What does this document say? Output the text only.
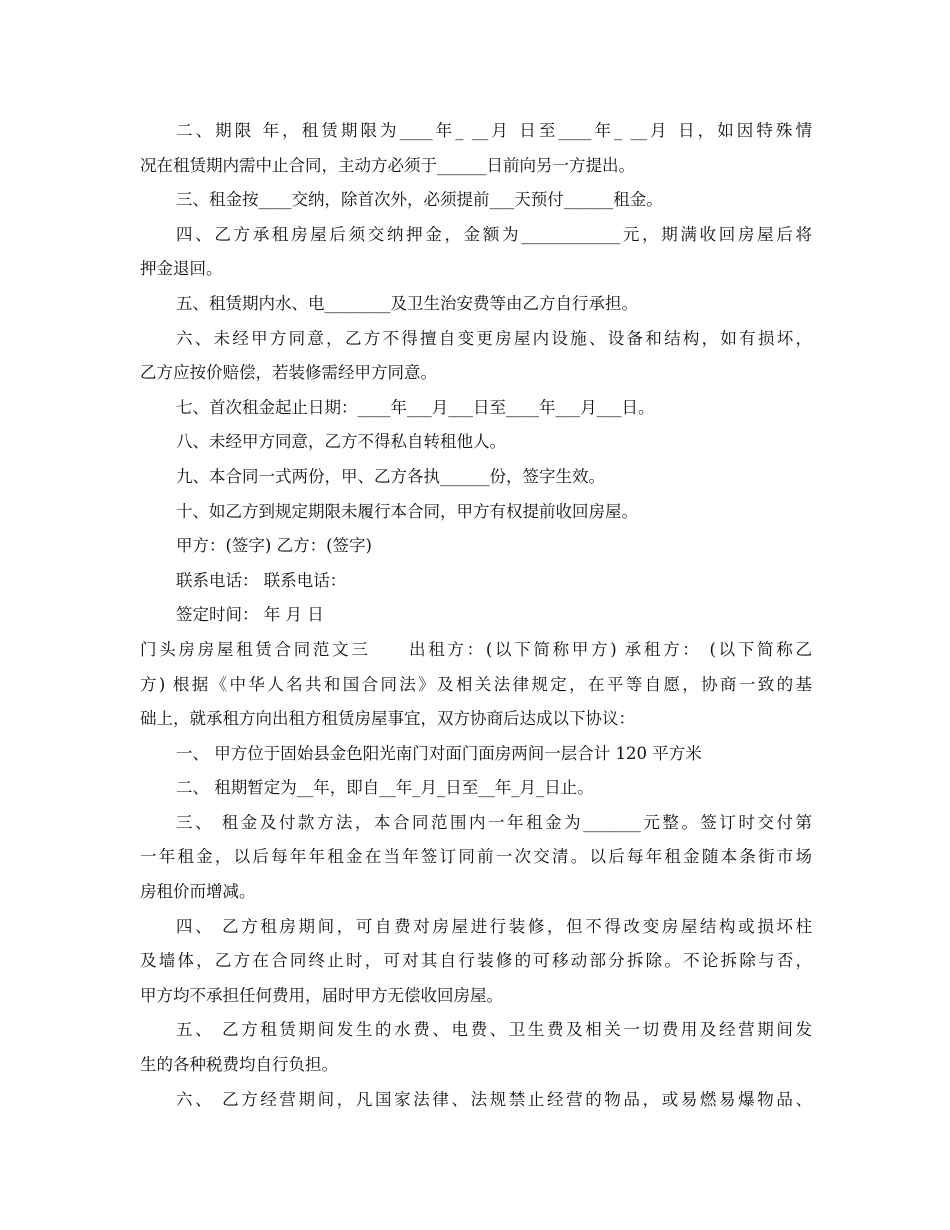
二、期限 年，租赁期限为____年_ __月 日至____年_ __月 日，如因特殊情
况在租赁期内需中止合同，主动方必须于______日前向另一方提出。
三、租金按____交纳，除首次外，必须提前___天预付______租金。
四、乙方承租房屋后须交纳押金，金额为____________元，期满收回房屋后将
押金退回。
五、租赁期内水、电________及卫生治安费等由乙方自行承担。
六、未经甲方同意，乙方不得擅自变更房屋内设施、设备和结构，如有损坏，
乙方应按价赔偿，若装修需经甲方同意。
七、首次租金起止日期：____年___月___日至____年___月___日。
八、未经甲方同意，乙方不得私自转租他人。
九、本合同一式两份，甲、乙方各执______份，签字生效。
十、如乙方到规定期限未履行本合同，甲方有权提前收回房屋。
甲方：(签字) 乙方：(签字)
联系电话： 联系电话：
签定时间： 年 月 日
门头房房屋租赁合同范文三　　出租方：(以下简称甲方) 承租方： (以下简称乙
方) 根据《中华人名共和国合同法》及相关法律规定，在平等自愿，协商一致的基
础上，就承租方向出租方租赁房屋事宜，双方协商后达成以下协议：
一、 甲方位于固始县金色阳光南门对面门面房两间一层合计 120 平方米
二、 租期暂定为__年，即自__年_月_日至__年_月_日止。
三、 租金及付款方法，本合同范围内一年租金为_______元整。签订时交付第
一年租金，以后每年年租金在当年签订同前一次交清。以后每年租金随本条街市场
房租价而增减。
四、 乙方租房期间，可自费对房屋进行装修，但不得改变房屋结构或损坏柱
及墙体，乙方在合同终止时，可对其自行装修的可移动部分拆除。不论拆除与否，
甲方均不承担任何费用，届时甲方无偿收回房屋。
五、 乙方租赁期间发生的水费、电费、卫生费及相关一切费用及经营期间发
生的各种税费均自行负担。
六、 乙方经营期间，凡国家法律、法规禁止经营的物品，或易燃易爆物品、
